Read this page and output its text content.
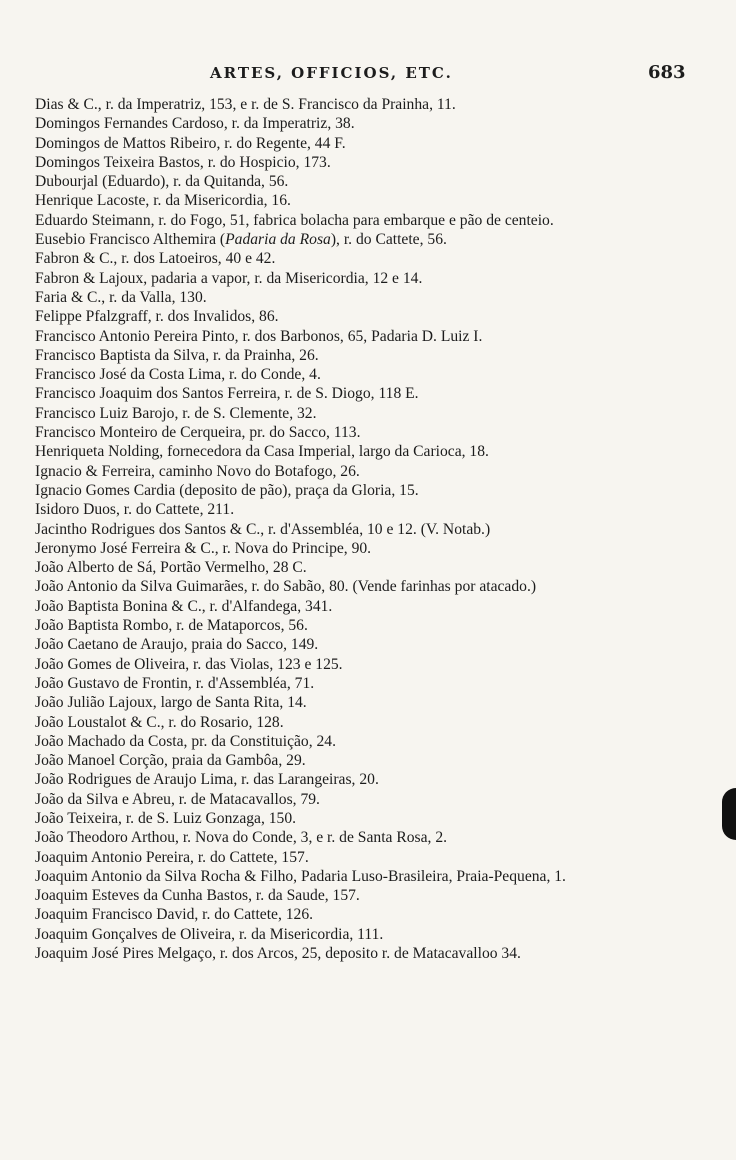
ARTES, OFFICIOS, ETC.	683
Dias & C., r. da Imperatriz, 153, e r. de S. Francisco da Prainha, 11.
Domingos Fernandes Cardoso, r. da Imperatriz, 38.
Domingos de Mattos Ribeiro, r. do Regente, 44 F.
Domingos Teixeira Bastos, r. do Hospicio, 173.
Dubourjal (Eduardo), r. da Quitanda, 56.
Henrique Lacoste, r. da Misericordia, 16.
Eduardo Steimann, r. do Fogo, 51, fabrica bolacha para embarque e pão de centeio.
Eusebio Francisco Althemira (Padaria da Rosa), r. do Cattete, 56.
Fabron & C., r. dos Latoeiros, 40 e 42.
Fabron & Lajoux, padaria a vapor, r. da Misericordia, 12 e 14.
Faria & C., r. da Valla, 130.
Felippe Pfalzgraff, r. dos Invalidos, 86.
Francisco Antonio Pereira Pinto, r. dos Barbonos, 65, Padaria D. Luiz I.
Francisco Baptista da Silva, r. da Prainha, 26.
Francisco José da Costa Lima, r. do Conde, 4.
Francisco Joaquim dos Santos Ferreira, r. de S. Diogo, 118 E.
Francisco Luiz Barojo, r. de S. Clemente, 32.
Francisco Monteiro de Cerqueira, pr. do Sacco, 113.
Henriqueta Nolding, fornecedora da Casa Imperial, largo da Carioca, 18.
Ignacio & Ferreira, caminho Novo do Botafogo, 26.
Ignacio Gomes Cardia (deposito de pão), praça da Gloria, 15.
Isidoro Duos, r. do Cattete, 211.
Jacintho Rodrigues dos Santos & C., r. d'Assembléa, 10 e 12. (V. Notab.)
Jeronymo José Ferreira & C., r. Nova do Principe, 90.
João Alberto de Sá, Portão Vermelho, 28 C.
João Antonio da Silva Guimarães, r. do Sabão, 80. (Vende farinhas por atacado.)
João Baptista Bonina & C., r. d'Alfandega, 341.
João Baptista Rombo, r. de Mataporcos, 56.
João Caetano de Araujo, praia do Sacco, 149.
João Gomes de Oliveira, r. das Violas, 123 e 125.
João Gustavo de Frontin, r. d'Assembléa, 71.
João Julião Lajoux, largo de Santa Rita, 14.
João Loustalot & C., r. do Rosario, 128.
João Machado da Costa, pr. da Constituição, 24.
João Manoel Corção, praia da Gambôa, 29.
João Rodrigues de Araujo Lima, r. das Larangeiras, 20.
João da Silva e Abreu, r. de Matacavallos, 79.
João Teixeira, r. de S. Luiz Gonzaga, 150.
João Theodoro Arthou, r. Nova do Conde, 3, e r. de Santa Rosa, 2.
Joaquim Antonio Pereira, r. do Cattete, 157.
Joaquim Antonio da Silva Rocha & Filho, Padaria Luso-Brasileira, Praia-Pequena, 1.
Joaquim Esteves da Cunha Bastos, r. da Saude, 157.
Joaquim Francisco David, r. do Cattete, 126.
Joaquim Gonçalves de Oliveira, r. da Misericordia, 111.
Joaquim José Pires Melgaço, r. dos Arcos, 25, deposito r. de Matacavalloo 34.
